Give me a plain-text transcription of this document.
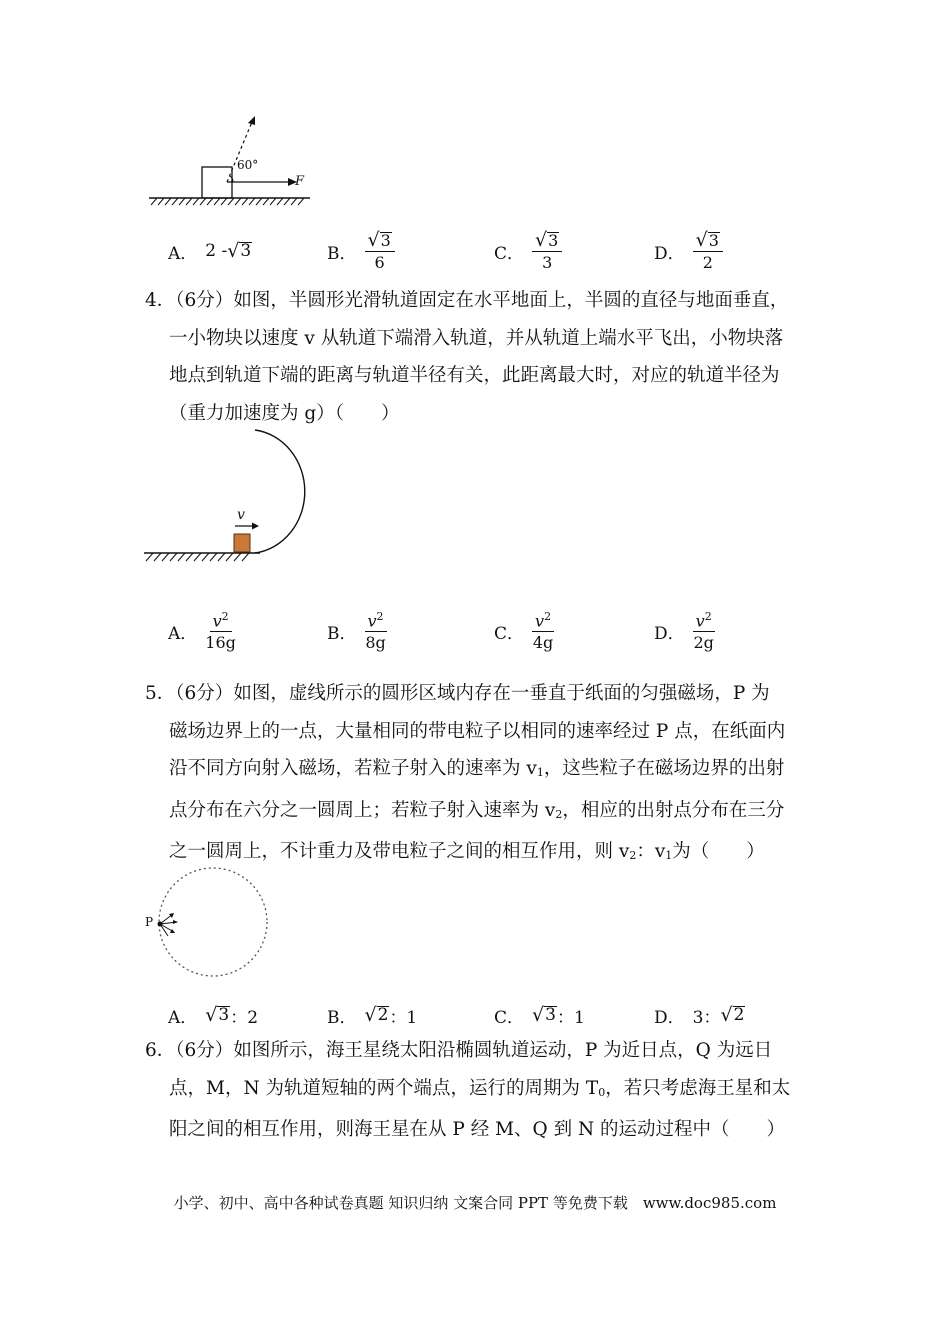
60°
F
A． 2 - √ 3	B． $\frac{√ 3}{6}$	C． $\frac{√ 3}{3}$	D． $\frac{√ 3}{2}$
4．（6分）如图，半圆形光滑轨道固定在水平地面上，半圆的直径与地面垂直，
一小物块以速度 v 从轨道下端滑入轨道，并从轨道上端水平飞出，小物块落
地点到轨道下端的距离与轨道半径有关，此距离最大时，对应的轨道半径为
（重力加速度为 g）（　　）
v
A． $\frac{v^2}{16g}$	B． $\frac{v^2}{8g}$	C． $\frac{v^2}{4g}$	D． $\frac{v^2}{2g}$
5．（6分）如图，虚线所示的圆形区域内存在一垂直于纸面的匀强磁场，P 为
磁场边界上的一点，大量相同的带电粒子以相同的速率经过 P 点，在纸面内
沿不同方向射入磁场，若粒子射入的速率为 v1，这些粒子在磁场边界的出射
点分布在六分之一圆周上；若粒子射入速率为 v2，相应的出射点分布在三分
之一圆周上，不计重力及带电粒子之间的相互作用，则 v2：v1为（　　）
P
A． √ 3 ：2	B． √ 2 ：1	C． √ 3 ：1	D． 3： √ 2
6．（6分）如图所示，海王星绕太阳沿椭圆轨道运动，P 为近日点，Q 为远日
点，M，N 为轨道短轴的两个端点，运行的周期为 T0，若只考虑海王星和太
阳之间的相互作用，则海王星在从 P 经 M、Q 到 N 的运动过程中（　　）
小学、初中、高中各种试卷真题 知识归纳 文案合同 PPT 等免费下载　www.doc985.com
